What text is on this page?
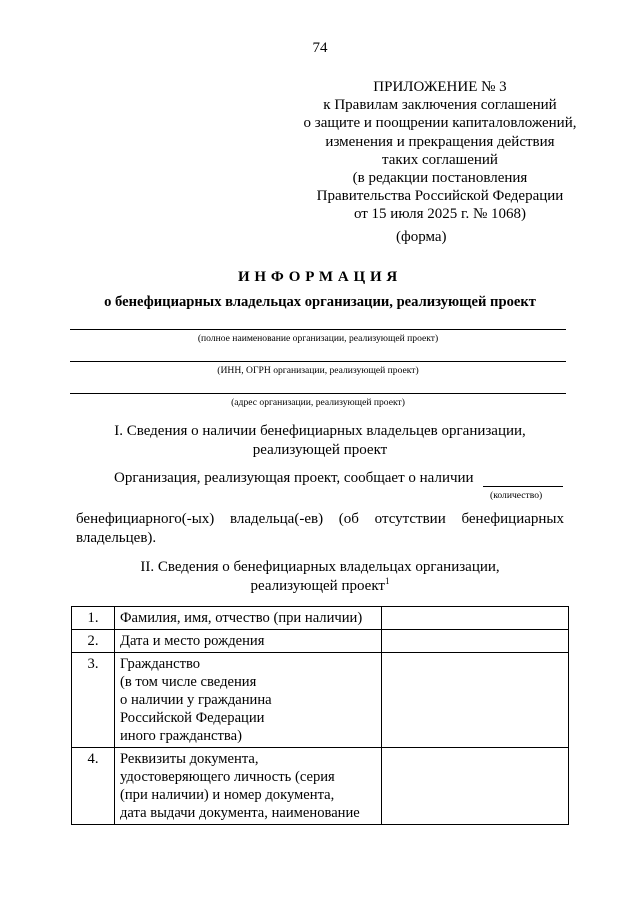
74
ПРИЛОЖЕНИЕ № 3
к Правилам заключения соглашений
о защите и поощрении капиталовложений,
изменения и прекращения действия
таких соглашений
(в редакции постановления
Правительства Российской Федерации
от 15 июля 2025 г. № 1068)
(форма)
ИНФОРМАЦИЯ
о бенефициарных владельцах организации, реализующей проект
(полное наименование организации, реализующей проект)
(ИНН, ОГРН организации, реализующей проект)
(адрес организации, реализующей проект)
I. Сведения о наличии бенефициарных владельцев организации,
реализующей проект
Организация, реализующая проект, сообщает о наличии
(количество)
бенефициарного(-ых) владельца(-ев) (об отсутствии бенефициарных владельцев).
II. Сведения о бенефициарных владельцах организации,
реализующей проект$^1$
1.	Фамилия, имя, отчество (при наличии)	

2.	Дата и место рождения	

3.	Гражданство
(в том числе сведения
о наличии у гражданина
Российской Федерации
иного гражданства)	

4.	Реквизиты документа,
удостоверяющего личность (серия
(при наличии) и номер документа,
дата выдачи документа, наименование	
